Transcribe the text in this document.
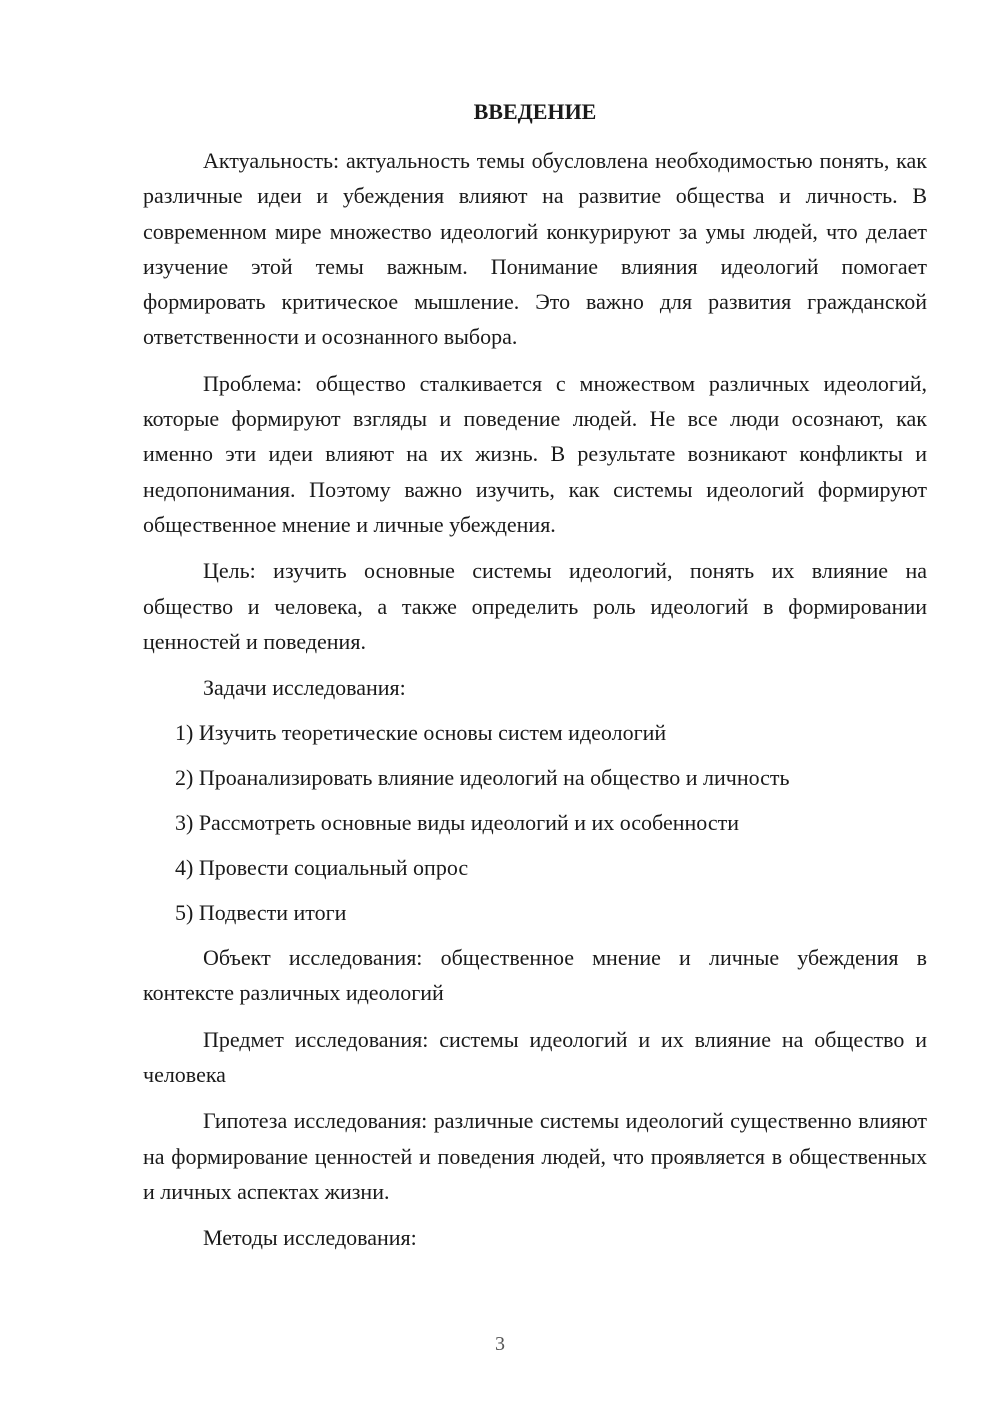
ВВЕДЕНИЕ

Актуальность: актуальность темы обусловлена необходимостью понять, как различные идеи и убеждения влияют на развитие общества и личность. В современном мире множество идеологий конкурируют за умы людей, что делает изучение этой темы важным. Понимание влияния идеологий помогает формировать критическое мышление. Это важно для развития гражданской ответственности и осознанного выбора.

Проблема: общество сталкивается с множеством различных идеологий, которые формируют взгляды и поведение людей. Не все люди осознают, как именно эти идеи влияют на их жизнь. В результате возникают конфликты и недопонимания. Поэтому важно изучить, как системы идеологий формируют общественное мнение и личные убеждения.

Цель: изучить основные системы идеологий, понять их влияние на общество и человека, а также определить роль идеологий в формировании ценностей и поведения.

Задачи исследования:

1) Изучить теоретические основы систем идеологий

2) Проанализировать влияние идеологий на общество и личность

3) Рассмотреть основные виды идеологий и их особенности

4) Провести социальный опрос

5) Подвести итоги

Объект исследования: общественное мнение и личные убеждения в контексте различных идеологий

Предмет исследования: системы идеологий и их влияние на общество и человека

Гипотеза исследования: различные системы идеологий существенно влияют на формирование ценностей и поведения людей, что проявляется в общественных и личных аспектах жизни.

Методы исследования:

3
